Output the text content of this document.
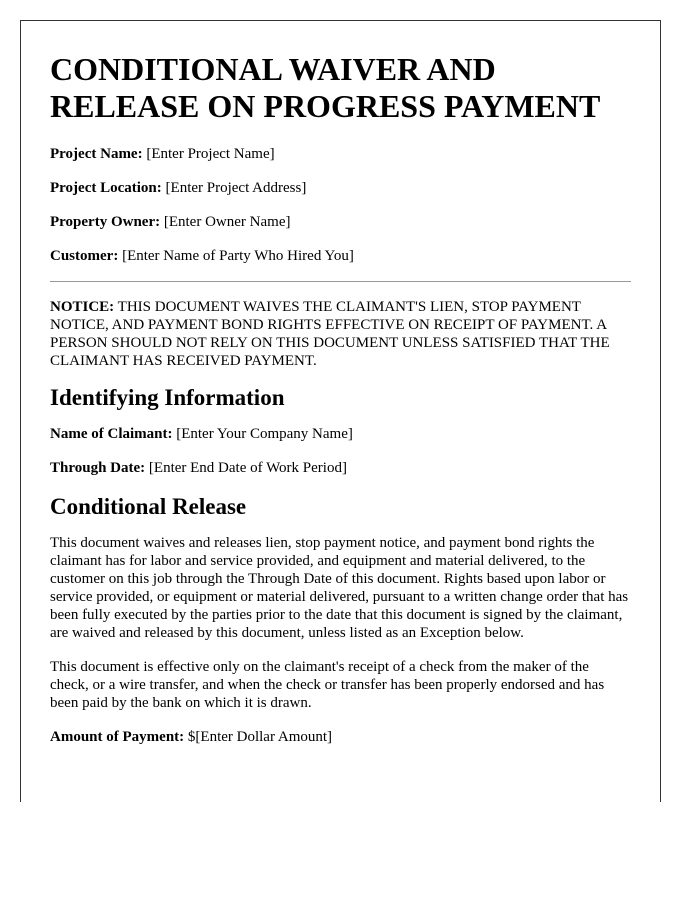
CONDITIONAL WAIVER AND
RELEASE ON PROGRESS PAYMENT

Project Name: [Enter Project Name]

Project Location: [Enter Project Address]

Property Owner: [Enter Owner Name]

Customer: [Enter Name of Party Who Hired You]

NOTICE: THIS DOCUMENT WAIVES THE CLAIMANT'S LIEN, STOP PAYMENT NOTICE, AND PAYMENT BOND RIGHTS EFFECTIVE ON RECEIPT OF PAYMENT. A PERSON SHOULD NOT RELY ON THIS DOCUMENT UNLESS SATISFIED THAT THE CLAIMANT HAS RECEIVED PAYMENT.

Identifying Information

Name of Claimant: [Enter Your Company Name]

Through Date: [Enter End Date of Work Period]

Conditional Release

This document waives and releases lien, stop payment notice, and payment bond rights the claimant has for labor and service provided, and equipment and material delivered, to the customer on this job through the Through Date of this document. Rights based upon labor or service provided, or equipment or material delivered, pursuant to a written change order that has been fully executed by the parties prior to the date that this document is signed by the claimant, are waived and released by this document, unless listed as an Exception below.

This document is effective only on the claimant's receipt of a check from the maker of the check, or a wire transfer, and when the check or transfer has been properly endorsed and has been paid by the bank on which it is drawn.

Amount of Payment: $[Enter Dollar Amount]
